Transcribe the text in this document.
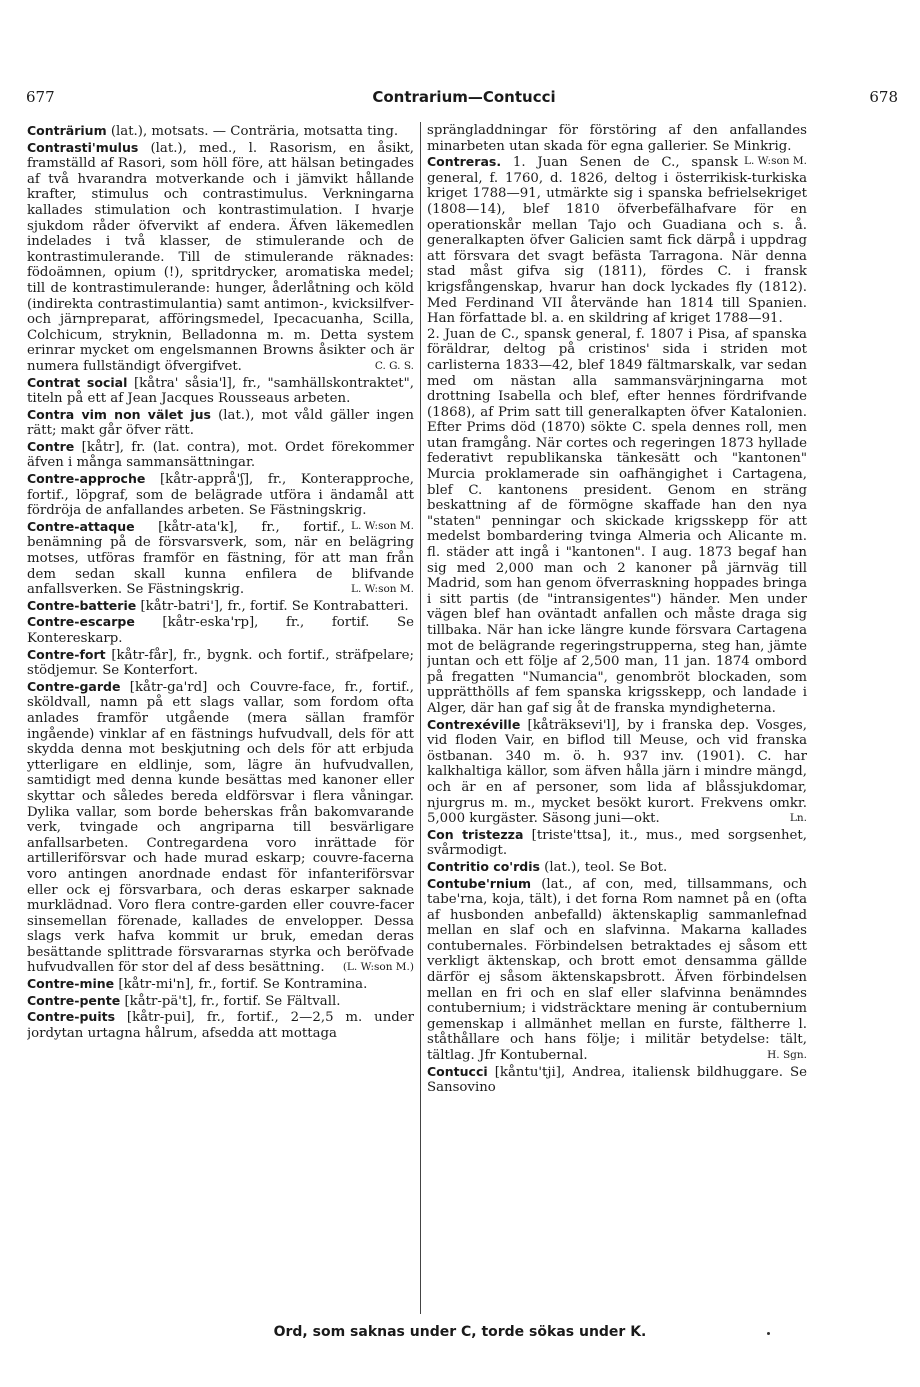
677	Contrarium—Contucci	678

Conträrium (lat.), motsats. — Conträria, motsatta ting.

Contrasti'mulus (lat.), med., l. Rasorism, en åsikt, framställd af Rasori, som höll före, att hälsan betingades af två hvarandra motverkande och i jämvikt hållande krafter, stimulus och contrastimulus. Verkningarna kallades stimulation och kontrastimulation. I hvarje sjukdom råder öfvervikt af endera. Äfven läkemedlen indelades i två klasser, de stimulerande och de kontrastimulerande. Till de stimulerande räknades: födoämnen, opium (!), spritdrycker, aromatiska medel; till de kontrastimulerande: hunger, åderlåtning och köld (indirekta contrastimulantia) samt antimon-, kvicksilfver- och järnpreparat, afföringsmedel, Ipecacuanha, Scilla, Colchicum, stryknin, Belladonna m. m. Detta system erinrar mycket om engelsmannen Browns åsikter och är numera fullständigt öfvergifvet.	C. G. S.

Contrat social [kåtra' såsia'l], fr., "samhällskontraktet", titeln på ett af Jean Jacques Rousseaus arbeten.

Contra vim non välet jus (lat.), mot våld gäller ingen rätt; makt går öfver rätt.

Contre [kåtr], fr. (lat. contra), mot. Ordet förekommer äfven i många sammansättningar.

Contre-approche [kåtr-apprå'ʃ], fr., Konterapproche, fortif., löpgraf, som de belägrade utföra i ändamål att fördröja de anfallandes arbeten. Se Fästningskrig.
L. W:son M.

Contre-attaque [kåtr-ata'k], fr., fortif., benämning på de försvarsverk, som, när en belägring motses, utföras framför en fästning, för att man från dem sedan skall kunna enfilera de blifvande anfallsverken. Se Fästningskrig.	L. W:son M.

Contre-batterie [kåtr-batri'], fr., fortif. Se Kontrabatteri.

Contre-escarpe [kåtr-eska'rp], fr., fortif. Se Kontereskarp.

Contre-fort [kåtr-får], fr., bygnk. och fortif., sträfpelare; stödjemur. Se Konterfort.

Contre-garde [kåtr-ga'rd] och Couvre-face, fr., fortif., sköldvall, namn på ett slags vallar, som fordom ofta anlades framför utgående (mera sällan framför ingående) vinklar af en fästnings hufvudvall, dels för att skydda denna mot beskjutning och dels för att erbjuda ytterligare en eldlinje, som, lägre än hufvudvallen, samtidigt med denna kunde besättas med kanoner eller skyttar och således bereda eldförsvar i flera våningar. Dylika vallar, som borde beherskas från bakomvarande verk, tvingade och angriparna till besvärligare anfallsarbeten. Contregardena voro inrättade för artilleriförsvar och hade murad eskarp; couvre-facerna voro antingen anordnade endast för infanteriförsvar eller ock ej försvarbara, och deras eskarper saknade murklädnad. Voro flera contre-garden eller couvre-facer sinsemellan förenade, kallades de envelopper. Dessa slags verk hafva kommit ur bruk, emedan deras besättande splittrade försvararnas styrka och beröfvade hufvudvallen för stor del af dess besättning. (L. W:son M.)

Contre-mine [kåtr-mi'n], fr., fortif. Se Kontramina.

Contre-pente [kåtr-pä't], fr., fortif. Se Fältvall.

Contre-puits [kåtr-pui], fr., fortif., 2—2,5 m. under jordytan urtagna hålrum, afsedda att mottaga

sprängladdningar för förstöring af den anfallandes minarbeten utan skada för egna gallerier. Se Minkrig.
L. W:son M.

Contreras. 1. Juan Senen de C., spansk general, f. 1760, d. 1826, deltog i österrikisk-turkiska kriget 1788—91, utmärkte sig i spanska befrielsekriget (1808—14), blef 1810 öfverbefälhafvare för en operationskår mellan Tajo och Guadiana och s. å. generalkapten öfver Galicien samt fick därpå i uppdrag att försvara det svagt befästa Tarragona. När denna stad måst gifva sig (1811), fördes C. i fransk krigsfångenskap, hvarur han dock lyckades fly (1812). Med Ferdinand VII återvände han 1814 till Spanien. Han författade bl. a. en skildring af kriget 1788—91.

2. Juan de C., spansk general, f. 1807 i Pisa, af spanska föräldrar, deltog på cristinos' sida i striden mot carlisterna 1833—42, blef 1849 fältmarskalk, var sedan med om nästan alla sammansvärjningarna mot drottning Isabella och blef, efter hennes fördrifvande (1868), af Prim satt till generalkapten öfver Katalonien. Efter Prims död (1870) sökte C. spela dennes roll, men utan framgång. När cortes och regeringen 1873 hyllade federativt republikanska tänkesätt och "kantonen" Murcia proklamerade sin oafhängighet i Cartagena, blef C. kantonens president. Genom en sträng beskattning af de förmögne skaffade han den nya "staten" penningar och skickade krigsskepp för att medelst bombardering tvinga Almeria och Alicante m. fl. städer att ingå i "kantonen". I aug. 1873 begaf han sig med 2,000 man och 2 kanoner på järnväg till Madrid, som han genom öfverraskning hoppades bringa i sitt partis (de "intransigentes") händer. Men under vägen blef han oväntadt anfallen och måste draga sig tillbaka. När han icke längre kunde försvara Cartagena mot de belägrande regeringstrupperna, steg han, jämte juntan och ett följe af 2,500 man, 11 jan. 1874 ombord på fregatten "Numancia", genombröt blockaden, som upprätthölls af fem spanska krigsskepp, och landade i Alger, där han gaf sig åt de franska myndigheterna.

Contrexéville [kåträksevi'l], by i franska dep. Vosges, vid floden Vair, en biflod till Meuse, och vid franska östbanan. 340 m. ö. h. 937 inv. (1901). C. har kalkhaltiga källor, som äfven hålla järn i mindre mängd, och är en af personer, som lida af blåssjukdomar, njurgrus m. m., mycket besökt kurort. Frekvens omkr. 5,000 kurgäster. Säsong juni—okt.	Ln.

Con tristezza [triste'ttsa], it., mus., med sorgsenhet, svårmodigt.

Contritio co'rdis (lat.), teol. Se Bot.

Contube'rnium (lat., af con, med, tillsammans, och tabe'rna, koja, tält), i det forna Rom namnet på en (ofta af husbonden anbefalld) äktenskaplig sammanlefnad mellan en slaf och en slafvinna. Makarna kallades contubernales. Förbindelsen betraktades ej såsom ett verkligt äktenskap, och brott emot densamma gällde därför ej såsom äktenskapsbrott. Äfven förbindelsen mellan en fri och en slaf eller slafvinna benämndes contubernium; i vidsträcktare mening är contubernium gemenskap i allmänhet mellan en furste, fältherre l. ståthållare och hans följe; i militär betydelse: tält, tältlag. Jfr Kontubernal.	H. Sgn.

Contucci [kåntu'tji], Andrea, italiensk bildhuggare. Se Sansovino

Ord, som saknas under C, torde sökas under K.
